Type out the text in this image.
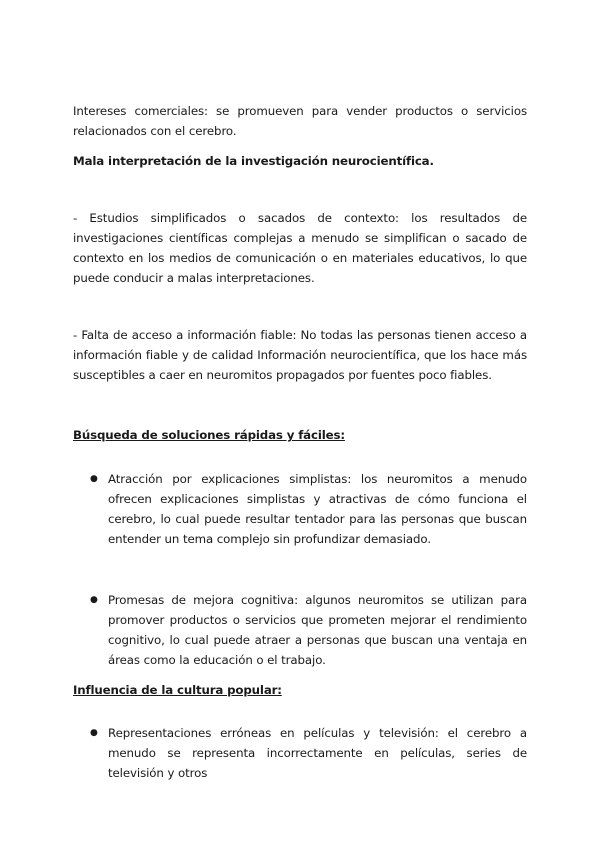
Intereses comerciales: se promueven para vender productos o servicios relacionados con el cerebro.

Mala interpretación de la investigación neurocientífica.

- Estudios simplificados o sacados de contexto: los resultados de investigaciones científicas complejas a menudo se simplifican o sacado de contexto en los medios de comunicación o en materiales educativos, lo que puede conducir a malas interpretaciones.

- Falta de acceso a información fiable: No todas las personas tienen acceso a información fiable y de calidad Información neurocientífica, que los hace más susceptibles a caer en neuromitos propagados por fuentes poco fiables.

Búsqueda de soluciones rápidas y fáciles:

● Atracción por explicaciones simplistas: los neuromitos a menudo ofrecen explicaciones simplistas y atractivas de cómo funciona el cerebro, lo cual puede resultar tentador para las personas que buscan entender un tema complejo sin profundizar demasiado.
● Promesas de mejora cognitiva: algunos neuromitos se utilizan para promover productos o servicios que prometen mejorar el rendimiento cognitivo, lo cual puede atraer a personas que buscan una ventaja en áreas como la educación o el trabajo.

Influencia de la cultura popular:

● Representaciones erróneas en películas y televisión: el cerebro a menudo se representa incorrectamente en películas, series de televisión y otros
